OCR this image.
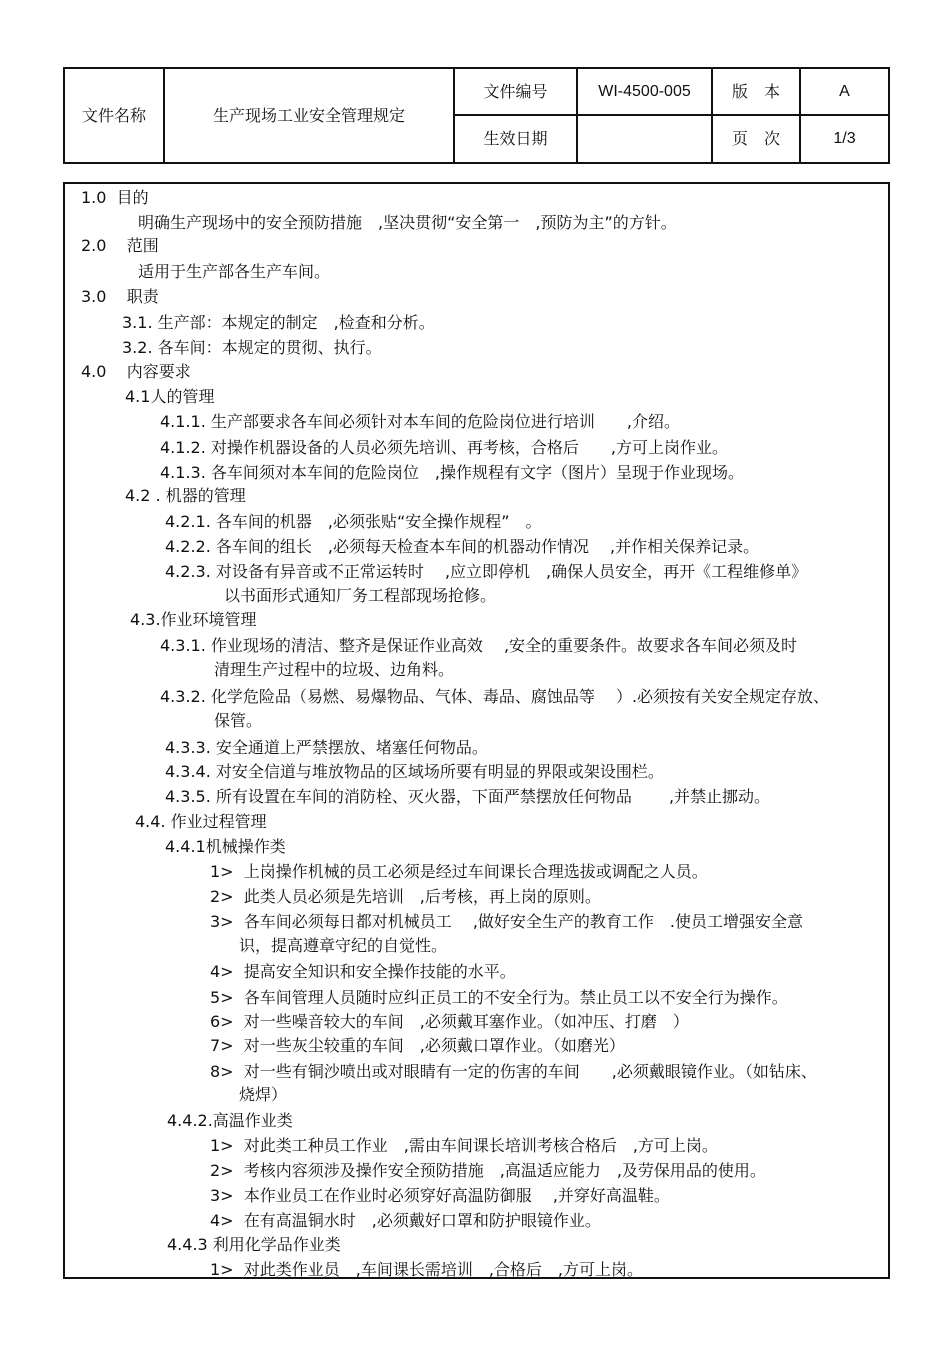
文件名称	生产现场工业安全管理规定	文件编号	WI-4500-005	版　本	A
		生效日期		页　次	1/3
1.0  目的
明确生产现场中的安全预防措施　,坚决贯彻“安全第一　,预防为主”的方针。
2.0    范围
适用于生产部各生产车间。
3.0    职责
3.1. 生产部：本规定的制定　,检查和分析。
3.2. 各车间：本规定的贯彻、执行。
4.0    内容要求
4.1人的管理
4.1.1. 生产部要求各车间必须针对本车间的危险岗位进行培训　　,介绍。
4.1.2. 对操作机器设备的人员必须先培训、再考核，合格后　　,方可上岗作业。
4.1.3. 各车间须对本车间的危险岗位　,操作规程有文字（图片）呈现于作业现场。
4.2 . 机器的管理
4.2.1. 各车间的机器　,必须张贴“安全操作规程”　。
4.2.2. 各车间的组长　,必须每天检查本车间的机器动作情况　 ,并作相关保养记录。
4.2.3. 对设备有异音或不正常运转时　 ,应立即停机　,确保人员安全，再开《工程维修单》
以书面形式通知厂务工程部现场抢修。
4.3.作业环境管理
4.3.1. 作业现场的清洁、整齐是保证作业高效　 ,安全的重要条件。故要求各车间必须及时
清理生产过程中的垃圾、边角料。
4.3.2. 化学危险品（易燃、易爆物品、气体、毒品、腐蚀品等　 ）.必须按有关安全规定存放、
保管。
4.3.3. 安全通道上严禁摆放、堵塞任何物品。
4.3.4. 对安全信道与堆放物品的区域场所要有明显的界限或架设围栏。
4.3.5. 所有设置在车间的消防栓、灭火器，下面严禁摆放任何物品　　 ,并禁止挪动。
4.4. 作业过程管理
4.4.1机械操作类
1>  上岗操作机械的员工必须是经过车间课长合理选拔或调配之人员。
2>  此类人员必须是先培训　,后考核，再上岗的原则。
3>  各车间必须每日都对机械员工　 ,做好安全生产的教育工作　.使员工增强安全意
识，提高遵章守纪的自觉性。
4>  提高安全知识和安全操作技能的水平。
5>  各车间管理人员随时应纠正员工的不安全行为。禁止员工以不安全行为操作。
6>  对一些噪音较大的车间　,必须戴耳塞作业。（如冲压、打磨　）
7>  对一些灰尘较重的车间　,必须戴口罩作业。（如磨光）
8>  对一些有铜沙喷出或对眼睛有一定的伤害的车间　　,必须戴眼镜作业。（如钻床、
烧焊）
4.4.2.高温作业类
1>  对此类工种员工作业　,需由车间课长培训考核合格后　,方可上岗。
2>  考核内容须涉及操作安全预防措施　,高温适应能力　,及劳保用品的使用。
3>  本作业员工在作业时必须穿好高温防御服　 ,并穿好高温鞋。
4>  在有高温铜水时　,必须戴好口罩和防护眼镜作业。
4.4.3 利用化学品作业类
1>  对此类作业员　,车间课长需培训　,合格后　,方可上岗。
